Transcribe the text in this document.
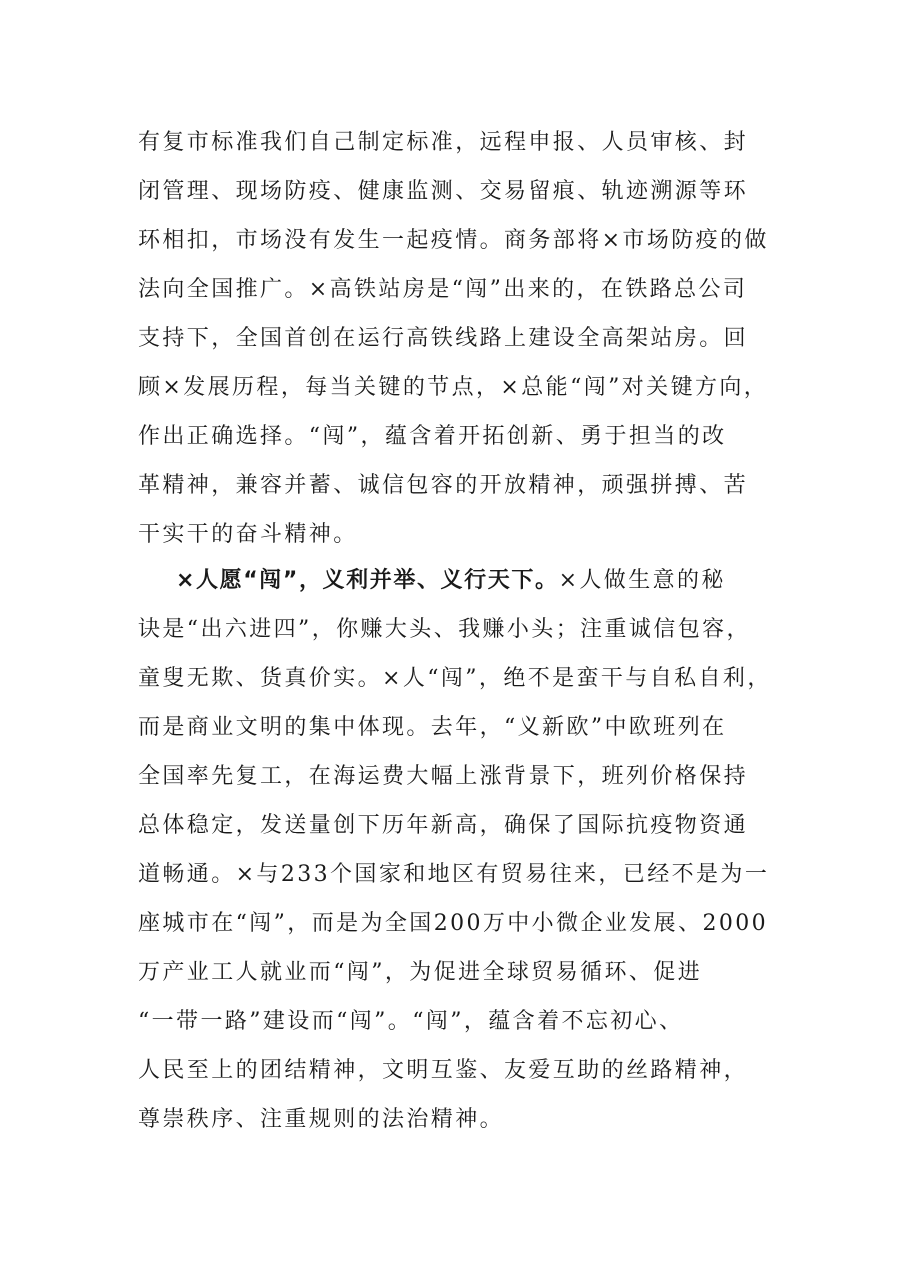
有复市标准我们自己制定标准，远程申报、人员审核、封
闭管理、现场防疫、健康监测、交易留痕、轨迹溯源等环
环相扣，市场没有发生一起疫情。商务部将×市场防疫的做
法向全国推广。×高铁站房是“闯”出来的，在铁路总公司
支持下，全国首创在运行高铁线路上建设全高架站房。回
顾×发展历程，每当关键的节点，×总能“闯”对关键方向，
作出正确选择。“闯”，蕴含着开拓创新、勇于担当的改
革精神，兼容并蓄、诚信包容的开放精神，顽强拼搏、苦
干实干的奋斗精神。
×人愿“闯”，义利并举、义行天下。×人做生意的秘
诀是“出六进四”，你赚大头、我赚小头；注重诚信包容，
童叟无欺、货真价实。×人“闯”，绝不是蛮干与自私自利，
而是商业文明的集中体现。去年，“义新欧”中欧班列在
全国率先复工，在海运费大幅上涨背景下，班列价格保持
总体稳定，发送量创下历年新高，确保了国际抗疫物资通
道畅通。×与233个国家和地区有贸易往来，已经不是为一
座城市在“闯”，而是为全国200万中小微企业发展、2000
万产业工人就业而“闯”，为促进全球贸易循环、促进
“一带一路”建设而“闯”。“闯”，蕴含着不忘初心、
人民至上的团结精神，文明互鉴、友爱互助的丝路精神，
尊崇秩序、注重规则的法治精神。
